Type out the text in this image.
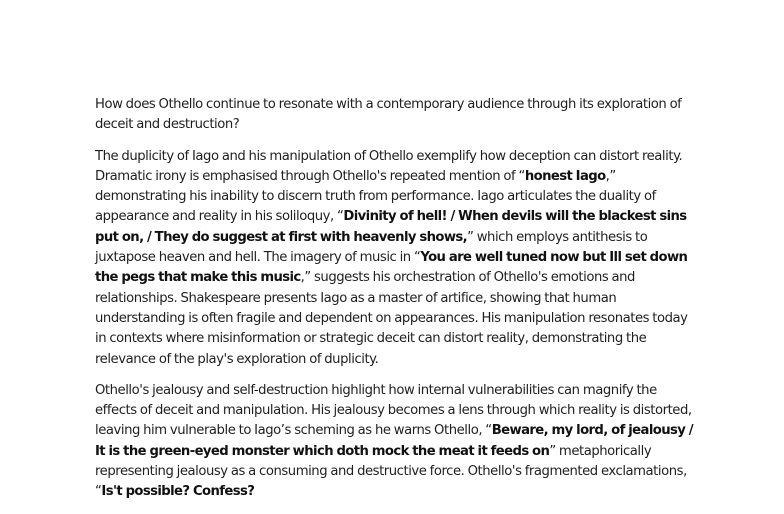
How does Othello continue to resonate with a contemporary audience through its exploration of deceit and destruction?

The duplicity of Iago and his manipulation of Othello exemplify how deception can distort reality. Dramatic irony is emphasised through Othello's repeated mention of “honest Iago,” demonstrating his inability to discern truth from performance. Iago articulates the duality of appearance and reality in his soliloquy, “Divinity of hell! / When devils will the blackest sins put on, / They do suggest at first with heavenly shows,” which employs antithesis to juxtapose heaven and hell. The imagery of music in “You are well tuned now but Ill set down the pegs that make this music,” suggests his orchestration of Othello's emotions and relationships. Shakespeare presents Iago as a master of artifice, showing that human understanding is often fragile and dependent on appearances. His manipulation resonates today in contexts where misinformation or strategic deceit can distort reality, demonstrating the relevance of the play's exploration of duplicity.

Othello's jealousy and self-destruction highlight how internal vulnerabilities can magnify the effects of deceit and manipulation. His jealousy becomes a lens through which reality is distorted, leaving him vulnerable to Iago’s scheming as he warns Othello, “Beware, my lord, of jealousy / It is the green-eyed monster which doth mock the meat it feeds on” metaphorically representing jealousy as a consuming and destructive force. Othello's fragmented exclamations, “Is't possible? Confess?
